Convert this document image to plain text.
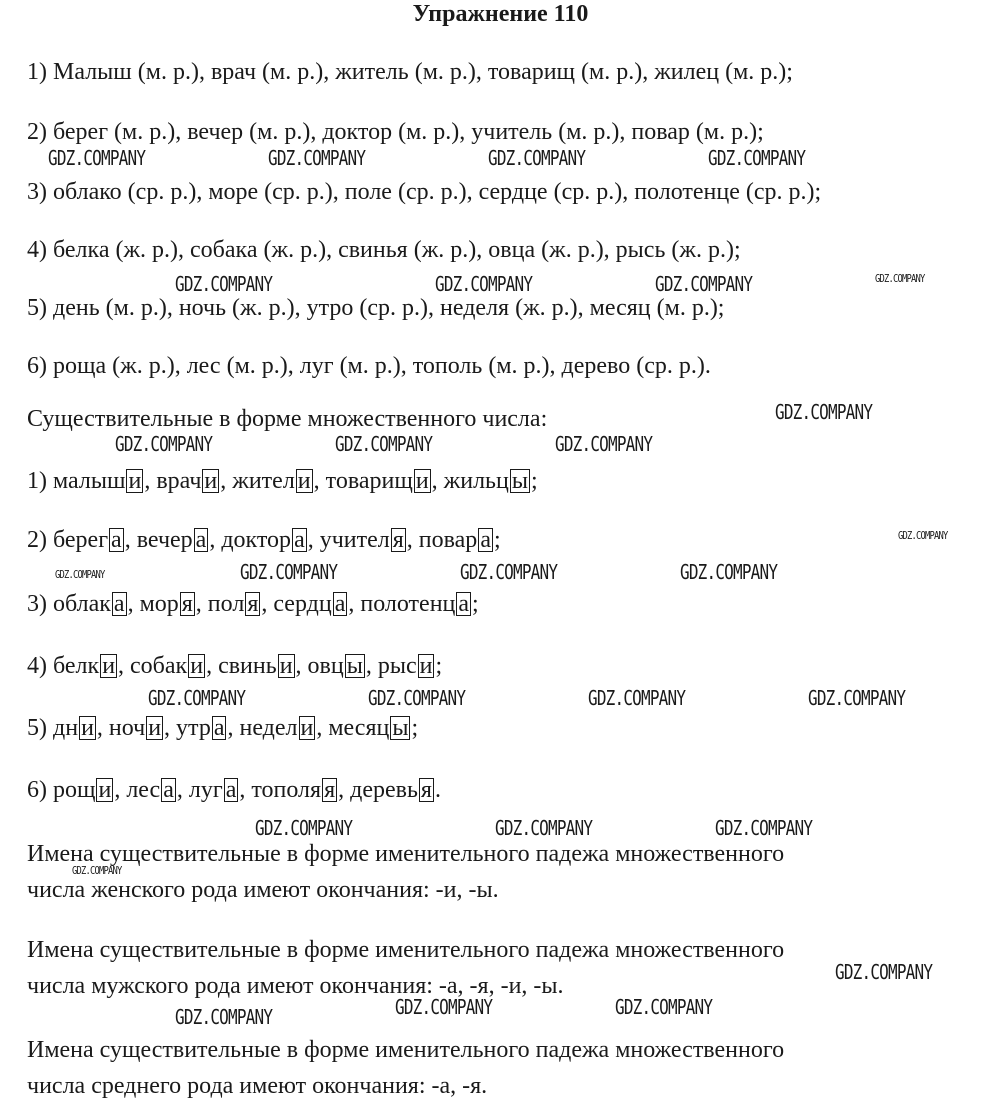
Упражнение 110
1) Малыш (м. р.), врач (м. р.), житель (м. р.), товарищ (м. р.), жилец (м. р.);
2) берег (м. р.), вечер (м. р.), доктор (м. р.), учитель (м. р.), повар (м. р.);
3) облако (ср. р.), море (ср. р.), поле (ср. р.), сердце (ср. р.), полотенце (ср. р.);
4) белка (ж. р.), собака (ж. р.), свинья (ж. р.), овца (ж. р.), рысь (ж. р.);
5) день (м. р.), ночь (ж. р.), утро (ср. р.), неделя (ж. р.), месяц (м. р.);
6) роща (ж. р.), лес (м. р.), луг (м. р.), тополь (м. р.), дерево (ср. р.).
Существительные в форме множественного числа:
1) малыш и , врач и , жител и , товарищ и , жильц ы ;
2) берег а , вечер а , доктор а , учител я , повар а ;
3) облак а , мор я , пол я , сердц а , полотенц а ;
4) белк и , собак и , свинь и , овц ы , рыс и ;
5) дн и , ноч и , утр а , недел и , месяц ы ;
6) рощ и , лес а , луг а , тополя я , деревь я .
Имена существительные в форме именительного падежа множественного
числа женского рода имеют окончания: -и, -ы.
Имена существительные в форме именительного падежа множественного
числа мужского рода имеют окончания: -а, -я, -и, -ы.
Имена существительные в форме именительного падежа множественного
числа среднего рода имеют окончания: -а, -я.
GDZ.COMPANY	GDZ.COMPANY	GDZ.COMPANY	GDZ.COMPANY
GDZ.COMPANY	GDZ.COMPANY	GDZ.COMPANY	GDZ.COMPANY
GDZ.COMPANY
GDZ.COMPANY	GDZ.COMPANY	GDZ.COMPANY
GDZ.COMPANY
GDZ.COMPANY	GDZ.COMPANY	GDZ.COMPANY	GDZ.COMPANY
GDZ.COMPANY	GDZ.COMPANY	GDZ.COMPANY	GDZ.COMPANY
GDZ.COMPANY	GDZ.COMPANY	GDZ.COMPANY
GDZ.COMPANY
GDZ.COMPANY
GDZ.COMPANY	GDZ.COMPANY	GDZ.COMPANY
